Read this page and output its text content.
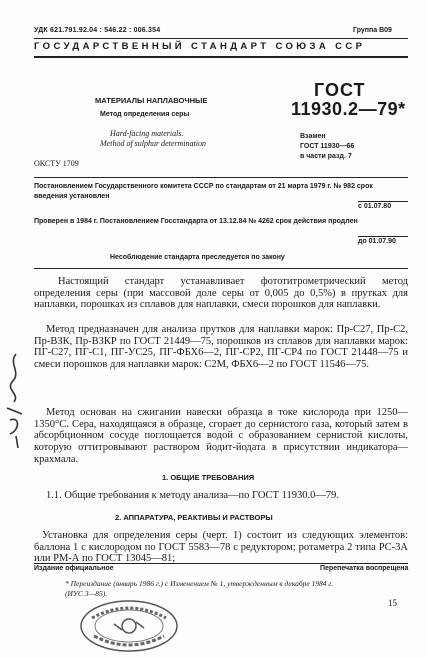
УДК 621.791.92.04 : 546.22 : 006.354	Группа В09
ГОСУДАРСТВЕННЫЙ СТАНДАРТ СОЮЗА ССР
МАТЕРИАЛЫ НАПЛАВОЧНЫЕ
Метод определения серы
Hard-facing materials.
Method of sulphur determination
ГОСТ
11930.2—79*
Взамен
ГОСТ 11930—66
в части разд. 7
ОКСТУ 1709
Постановлением Государственного комитета СССР по стандартам от 21 марта 1979 г. № 982 срок введения установлен
с 01.07.80
Проверен в 1984 г. Постановлением Госстандарта от 13.12.84 № 4262 срок действия продлен
до 01.07.90
Несоблюдение стандарта преследуется по закону
Настоящий стандарт устанавливает фототитрометрический метод определения серы (при массовой доле серы от 0,005 до 0,5%) в прутках для наплавки, порошках из сплавов для наплавки, смеси порошков для наплавки.
Метод предназначен для анализа прутков для наплавки марок: Пр-С27, Пр-С2, Пр-ВЗК, Пр-ВЗКР по ГОСТ 21449—75, порошков из сплавов для наплавки марок: ПГ-С27, ПГ-С1, ПГ-УС25, ПГ-ФБХ6—2, ПГ-СР2, ПГ-СР4 по ГОСТ 21448—75 и смеси порошков для наплавки марок: С2М, ФБХ6—2 по ГОСТ 11546—75.
Метод основан на сжигании навески образца в токе кислорода при 1250—1350°С. Сера, находящаяся в образце, сгорает до сернистого газа, который затем в абсорбционном сосуде поглощается водой с образованием сернистой кислоты, которую оттитровывают раствором йодит-йодата в присутствии индикатора—крахмала.
1. ОБЩИЕ ТРЕБОВАНИЯ
1.1. Общие требования к методу анализа—по ГОСТ 11930.0—79.
2. АППАРАТУРА, РЕАКТИВЫ И РАСТВОРЫ
Установка для определения серы (черт. 1) состоит из следующих элементов: баллона 1 с кислородом по ГОСТ 5583—78 с редуктором; ротаметра 2 типа РС-3А или РМ-А по ГОСТ 13045—81;
Издание официальное	Перепечатка воспрещена
* Переиздание (январь 1986 г.) с Изменением № 1, утвержденным в декабре 1984 г. (ИУС 3—85).
15
